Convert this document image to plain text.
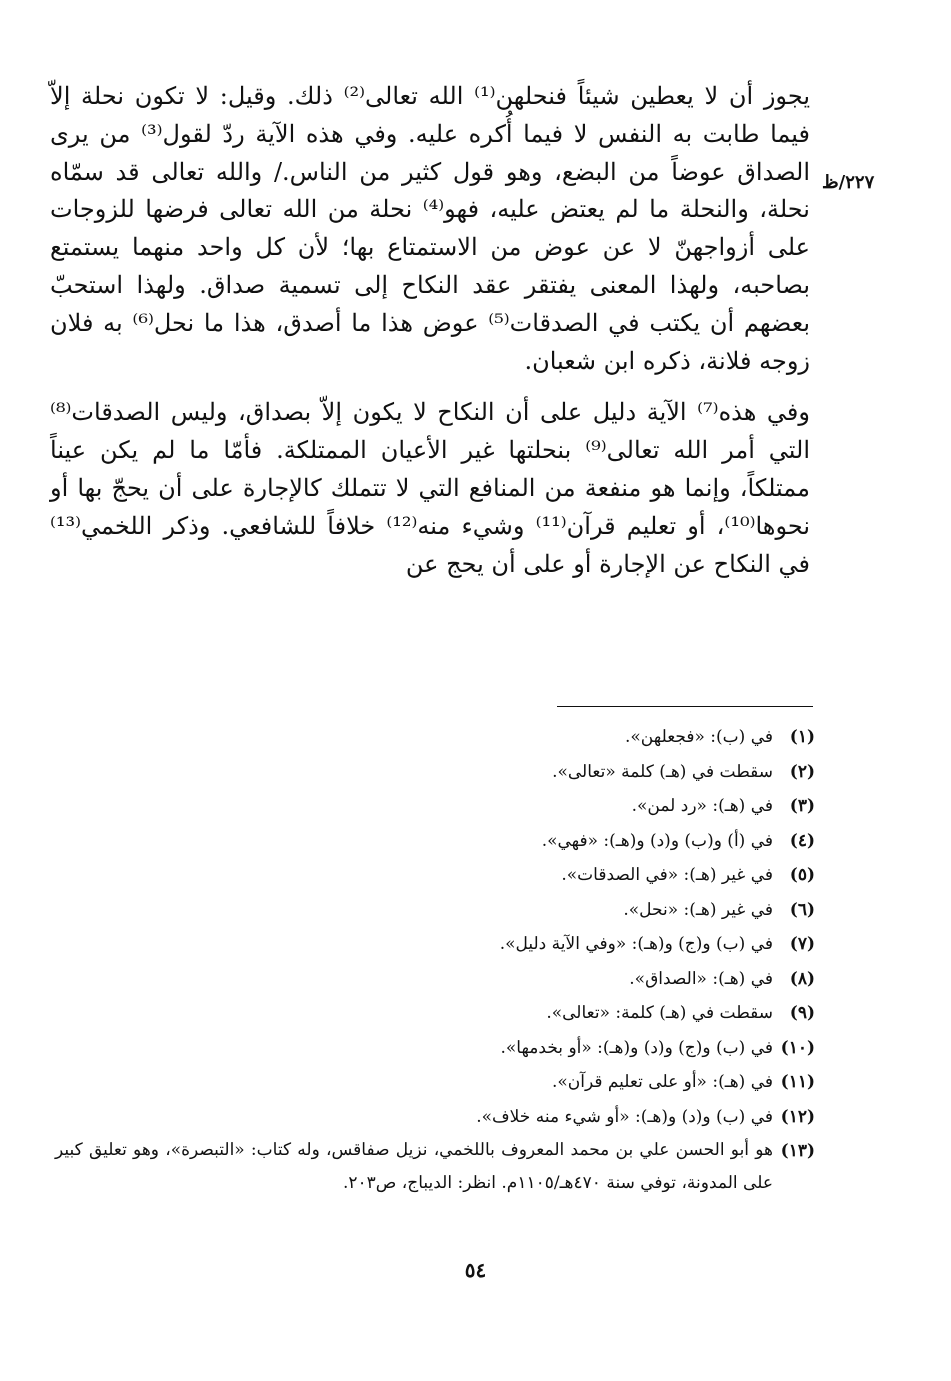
٢٢٧/ظ

يجوز أن لا يعطين شيئاً فنحلهن⁽¹⁾ الله تعالى⁽²⁾ ذلك. وقيل: لا تكون نحلة إلاّ فيما طابت به النفس لا فيما أُكره عليه. وفي هذه الآية ردّ لقول⁽³⁾ من يرى الصداق عوضاً من البضع، وهو قول كثير من الناس./ والله تعالى قد سمّاه نحلة، والنحلة ما لم يعتض عليه، فهو⁽⁴⁾ نحلة من الله تعالى فرضها للزوجات على أزواجهنّ لا عن عوض من الاستمتاع بها؛ لأن كل واحد منهما يستمتع بصاحبه، ولهذا المعنى يفتقر عقد النكاح إلى تسمية صداق. ولهذا استحبّ بعضهم أن يكتب في الصدقات⁽⁵⁾ عوض هذا ما أصدق، هذا ما نحل⁽⁶⁾ به فلان زوجه فلانة، ذكره ابن شعبان.

وفي هذه⁽⁷⁾ الآية دليل على أن النكاح لا يكون إلاّ بصداق، وليس الصدقات⁽⁸⁾ التي أمر الله تعالى⁽⁹⁾ بنحلتها غير الأعيان الممتلكة. فأمّا ما لم يكن عيناً ممتلكاً، وإنما هو منفعة من المنافع التي لا تتملك كالإجارة على أن يحجّ بها أو نحوها⁽¹⁰⁾، أو تعليم قرآن⁽¹¹⁾ وشيء منه⁽¹²⁾ خلافاً للشافعي. وذكر اللخمي⁽¹³⁾ في النكاح عن الإجارة أو على أن يحج عن

(١)
في (ب): «فجعلهن».
(٢)
سقطت في (هـ) كلمة «تعالى».
(٣)
في (هـ): «رد لمن».
(٤)
في (أ) و(ب) و(د) و(هـ): «فهي».
(٥)
في غير (هـ): «في الصدقات».
(٦)
في غير (هـ): «نحل».
(٧)
في (ب) و(ج) و(هـ): «وفي الآية دليل».
(٨)
في (هـ): «الصداق».
(٩)
سقطت في (هـ) كلمة: «تعالى».
(١٠)
في (ب) و(ج) و(د) و(هـ): «أو بخدمها».
(١١)
في (هـ): «أو على تعليم قرآن».
(١٢)
في (ب) و(د) و(هـ): «أو شيء منه خلاف».
(١٣)
هو أبو الحسن علي بن محمد المعروف باللخمي، نزيل صفاقس، وله كتاب: «التبصرة»، وهو تعليق كبير على المدونة، توفي سنة ٤٧٠هـ/١١٠٥م. انظر: الديباج، ص٢٠٣.
٥٤
